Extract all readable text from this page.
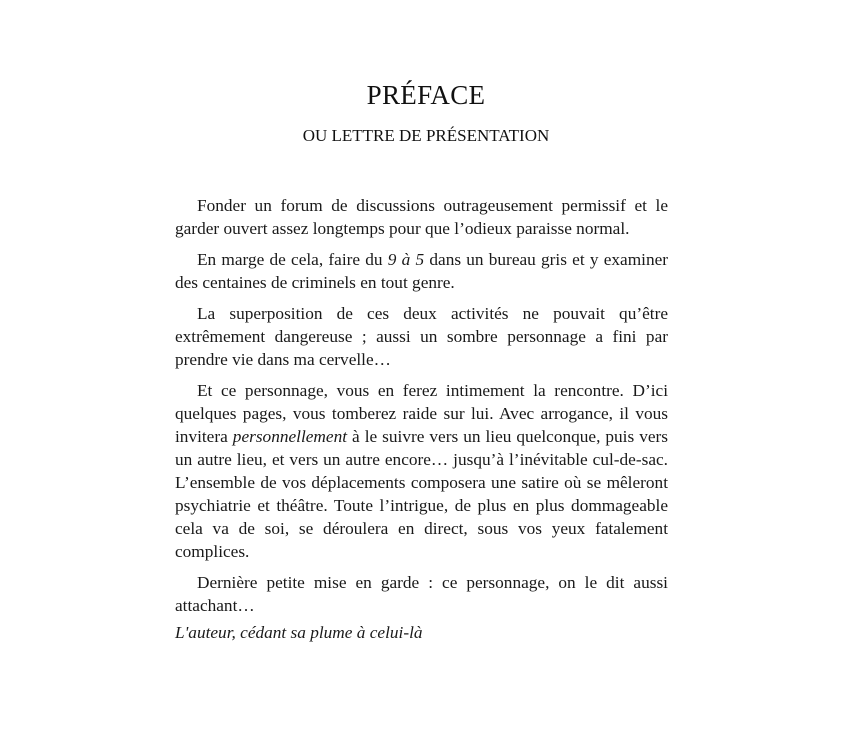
PRÉFACE
OU LETTRE DE PRÉSENTATION

Fonder un forum de discussions outrageusement permissif et le garder ouvert assez longtemps pour que l’odieux paraisse normal.

En marge de cela, faire du 9 à 5 dans un bureau gris et y examiner des centaines de criminels en tout genre.

La superposition de ces deux activités ne pouvait qu’être extrêmement dangereuse ; aussi un sombre personnage a fini par prendre vie dans ma cervelle…

Et ce personnage, vous en ferez intimement la rencontre. D’ici quelques pages, vous tomberez raide sur lui. Avec arrogance, il vous invitera personnellement à le suivre vers un lieu quelconque, puis vers un autre lieu, et vers un autre encore… jusqu’à l’inévitable cul-de-sac. L’ensemble de vos déplacements composera une satire où se mêleront psychiatrie et théâtre. Toute l’intrigue, de plus en plus dommageable cela va de soi, se déroulera en direct, sous vos yeux fatalement complices.

Dernière petite mise en garde : ce personnage, on le dit aussi attachant…

L'auteur, cédant sa plume à celui-là
